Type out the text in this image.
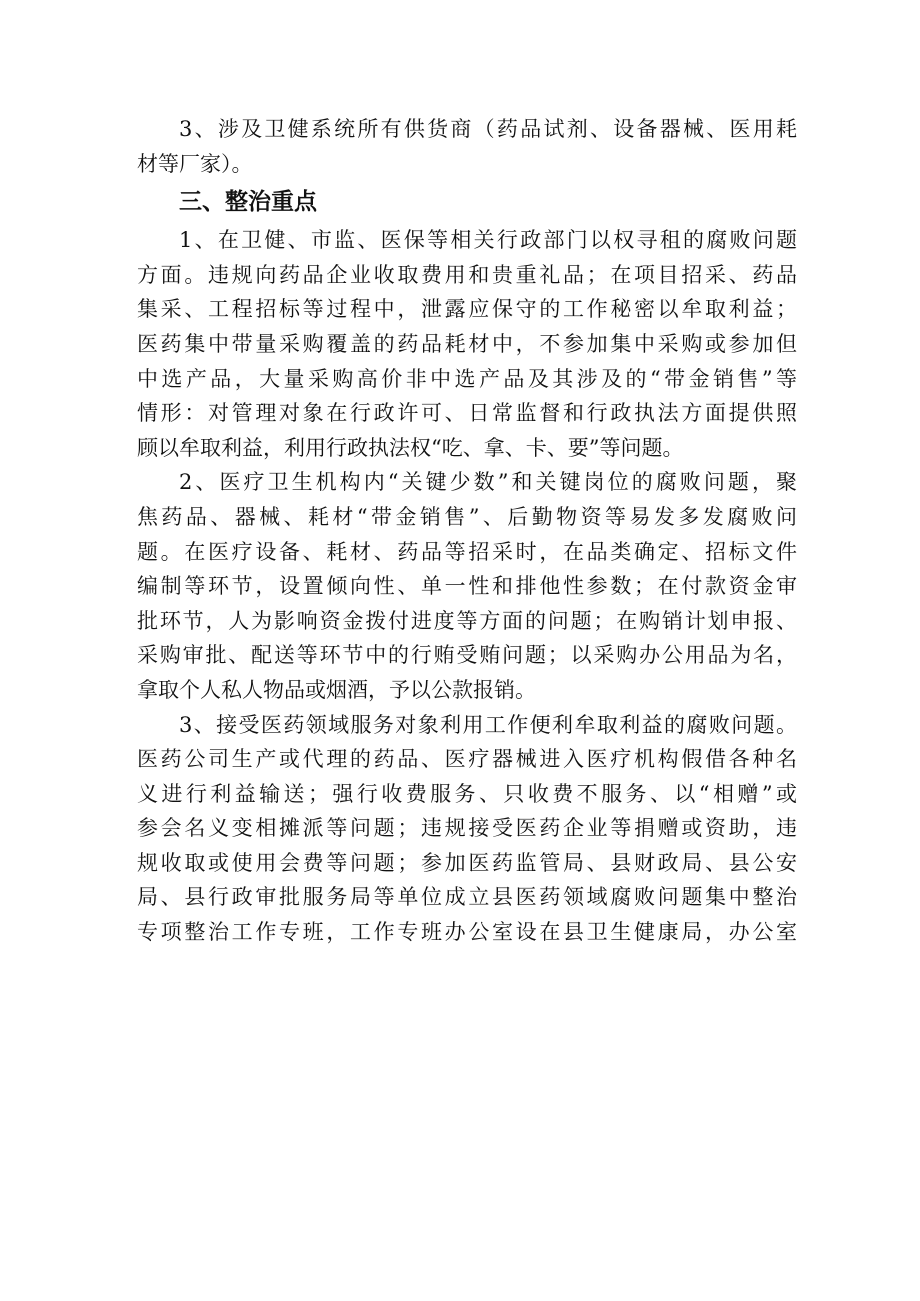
3、涉及卫健系统所有供货商（药品试剂、设备器械、医用耗
材等厂家）。
三、整治重点
1、在卫健、市监、医保等相关行政部门以权寻租的腐败问题
方面。违规向药品企业收取费用和贵重礼品；在项目招采、药品
集采、工程招标等过程中，泄露应保守的工作秘密以牟取利益；
医药集中带量采购覆盖的药品耗材中，不参加集中采购或参加但
中选产品，大量采购高价非中选产品及其涉及的“带金销售”等
情形：对管理对象在行政许可、日常监督和行政执法方面提供照
顾以牟取利益，利用行政执法权“吃、拿、卡、要”等问题。
2、医疗卫生机构内“关键少数”和关键岗位的腐败问题，聚
焦药品、器械、耗材“带金销售”、后勤物资等易发多发腐败问
题。在医疗设备、耗材、药品等招采时，在品类确定、招标文件
编制等环节，设置倾向性、单一性和排他性参数；在付款资金审
批环节，人为影响资金拨付进度等方面的问题；在购销计划申报、
采购审批、配送等环节中的行贿受贿问题；以采购办公用品为名，
拿取个人私人物品或烟酒，予以公款报销。
3、接受医药领域服务对象利用工作便利牟取利益的腐败问题。
医药公司生产或代理的药品、医疗器械进入医疗机构假借各种名
义进行利益输送；强行收费服务、只收费不服务、以“相赠”或
参会名义变相摊派等问题；违规接受医药企业等捐赠或资助，违
规收取或使用会费等问题；参加医药监管局、县财政局、县公安
局、县行政审批服务局等单位成立县医药领域腐败问题集中整治
专项整治工作专班，工作专班办公室设在县卫生健康局，办公室
